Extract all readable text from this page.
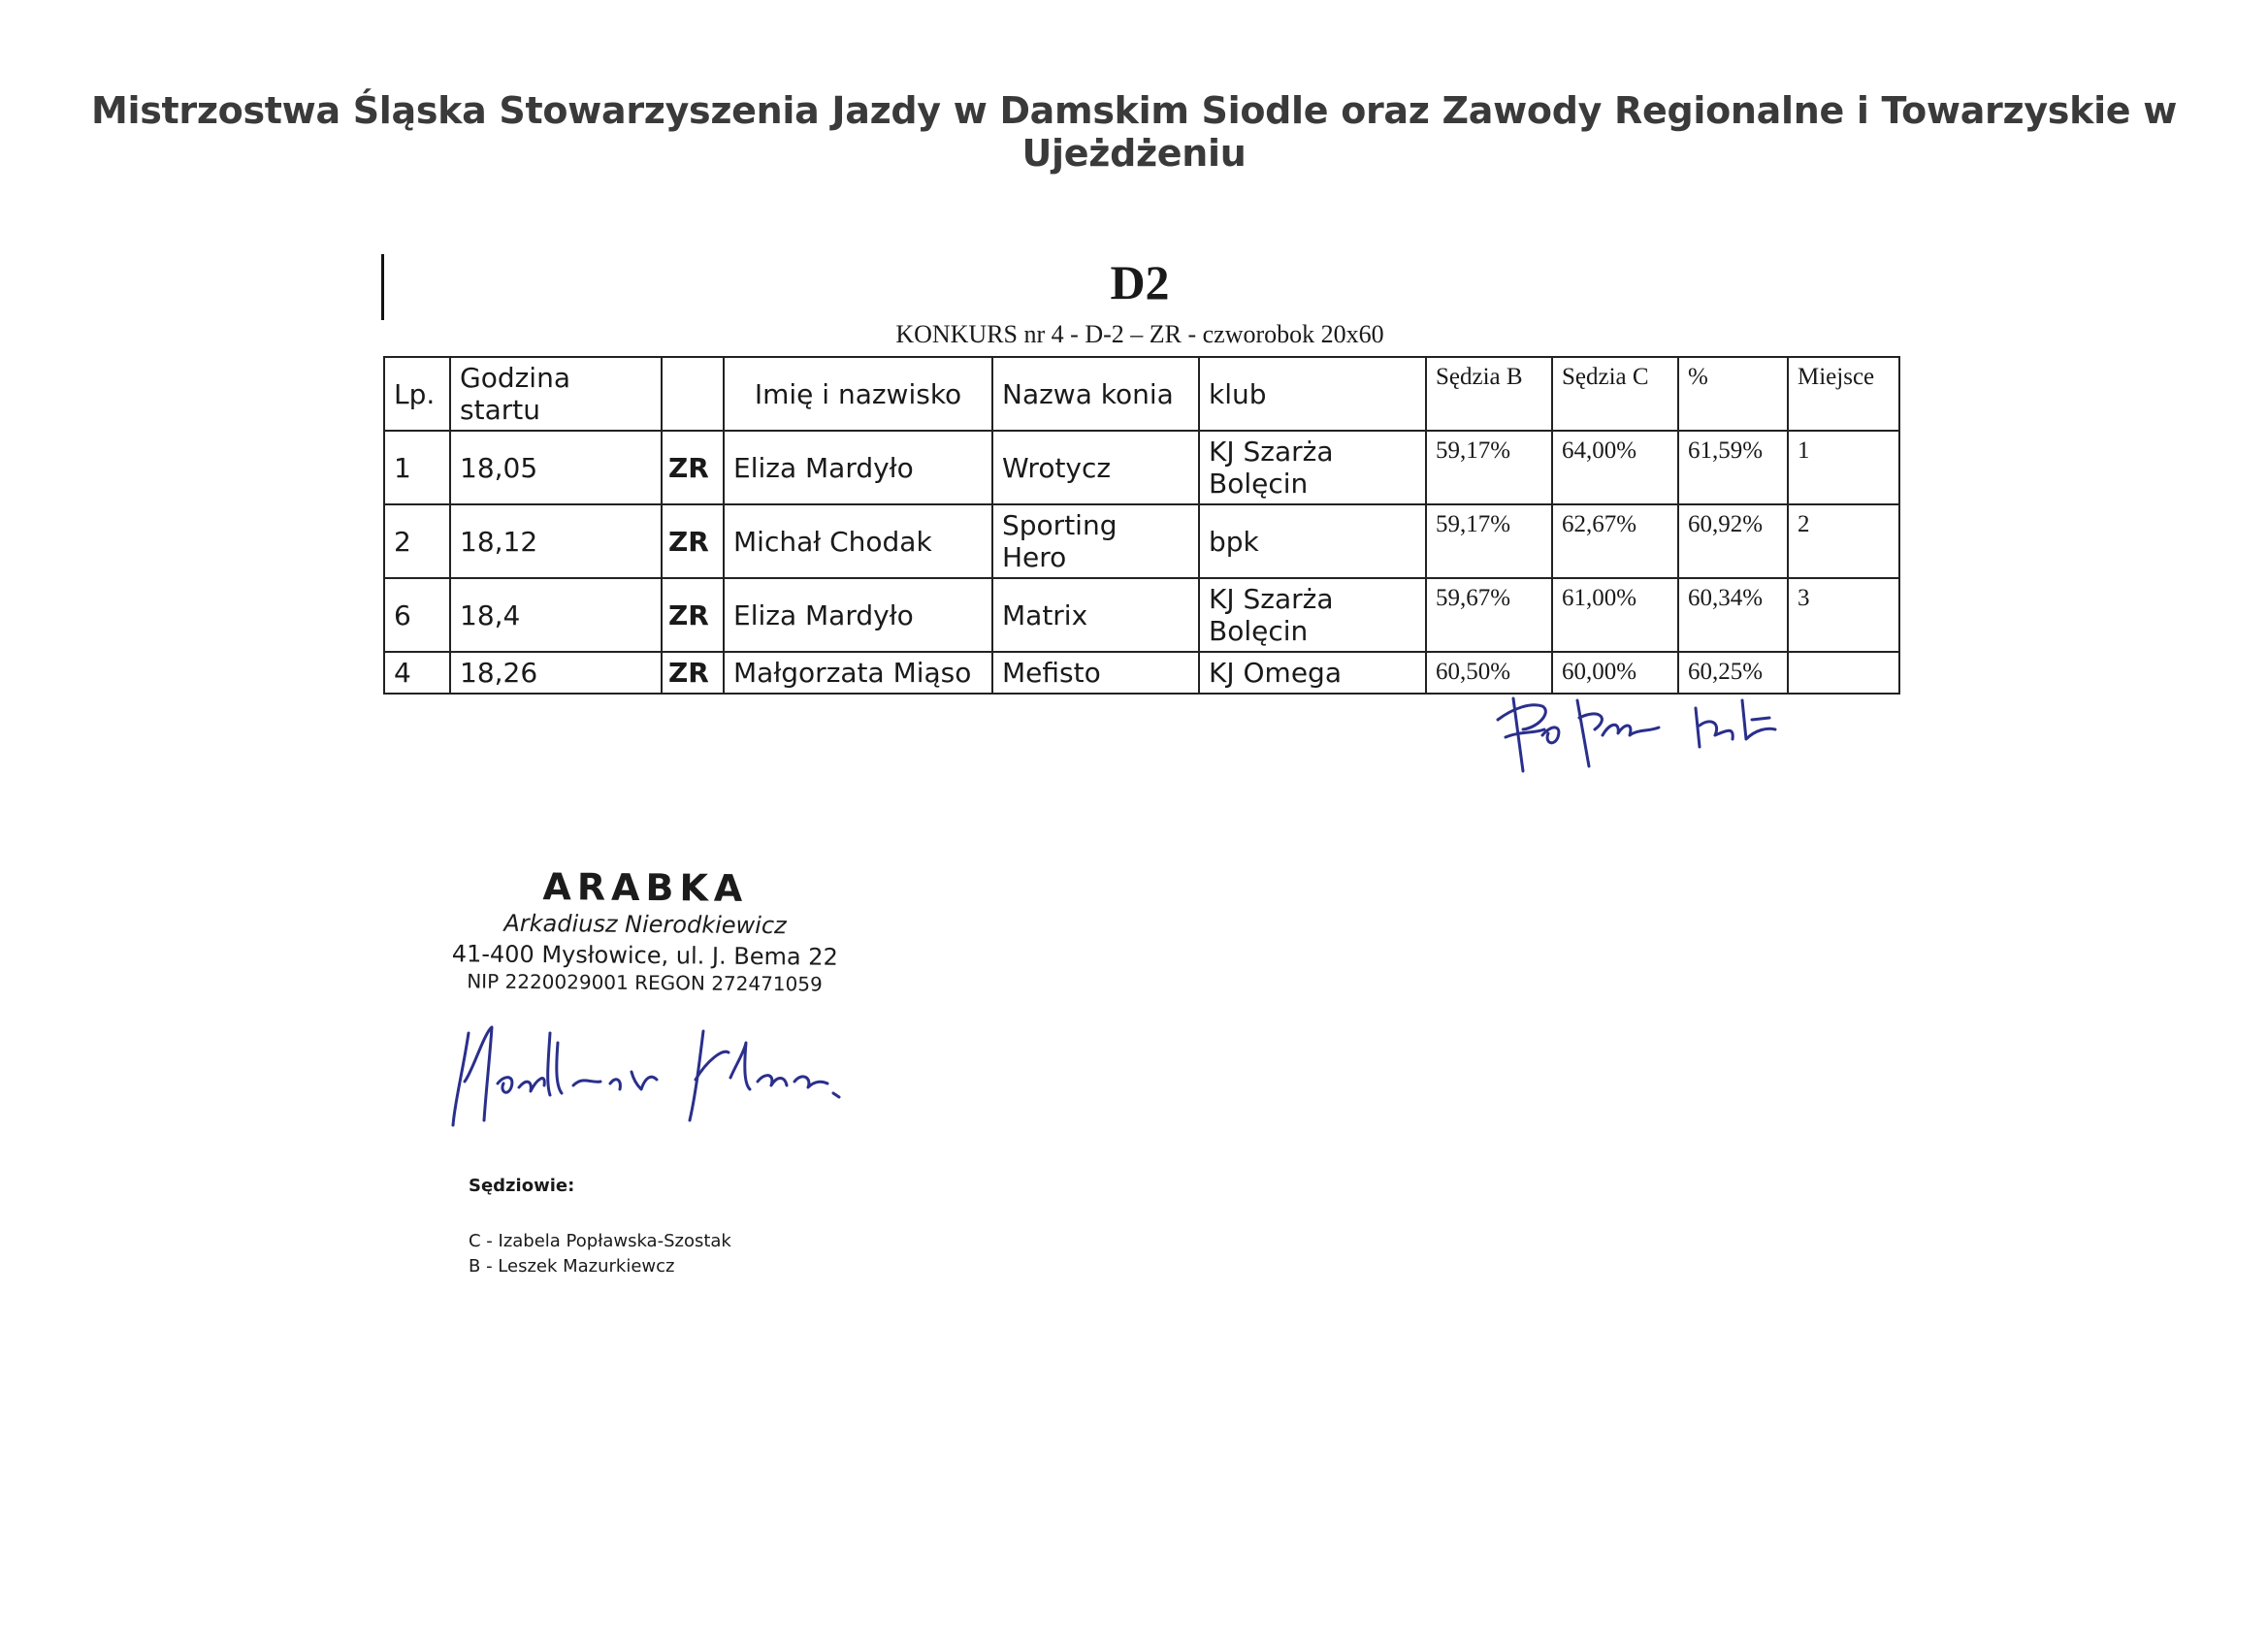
Mistrzostwa Śląska Stowarzyszenia Jazdy w Damskim Siodle oraz Zawody Regionalne i Towarzyskie w Ujeżdżeniu
D2
KONKURS nr 4 - D-2 – ZR - czworobok 20x60
Lp.	Godzina startu		Imię i nazwisko	Nazwa konia	klub	Sędzia B	Sędzia C	%	Miejsce
1	18,05	ZR	Eliza Mardyło	Wrotycz	KJ Szarża Bolęcin	59,17%	64,00%	61,59%	1
2	18,12	ZR	Michał Chodak	Sporting Hero	bpk	59,17%	62,67%	60,92%	2
6	18,4	ZR	Eliza Mardyło	Matrix	KJ Szarża Bolęcin	59,67%	61,00%	60,34%	3
4	18,26	ZR	Małgorzata Miąso	Mefisto	KJ Omega	60,50%	60,00%	60,25%	
ARABKA
Arkadiusz Nierodkiewicz
41-400 Mysłowice, ul. J. Bema 22
NIP 2220029001 REGON 272471059
Sędziowie:
C - Izabela Popławska-Szostak
B - Leszek Mazurkiewcz
